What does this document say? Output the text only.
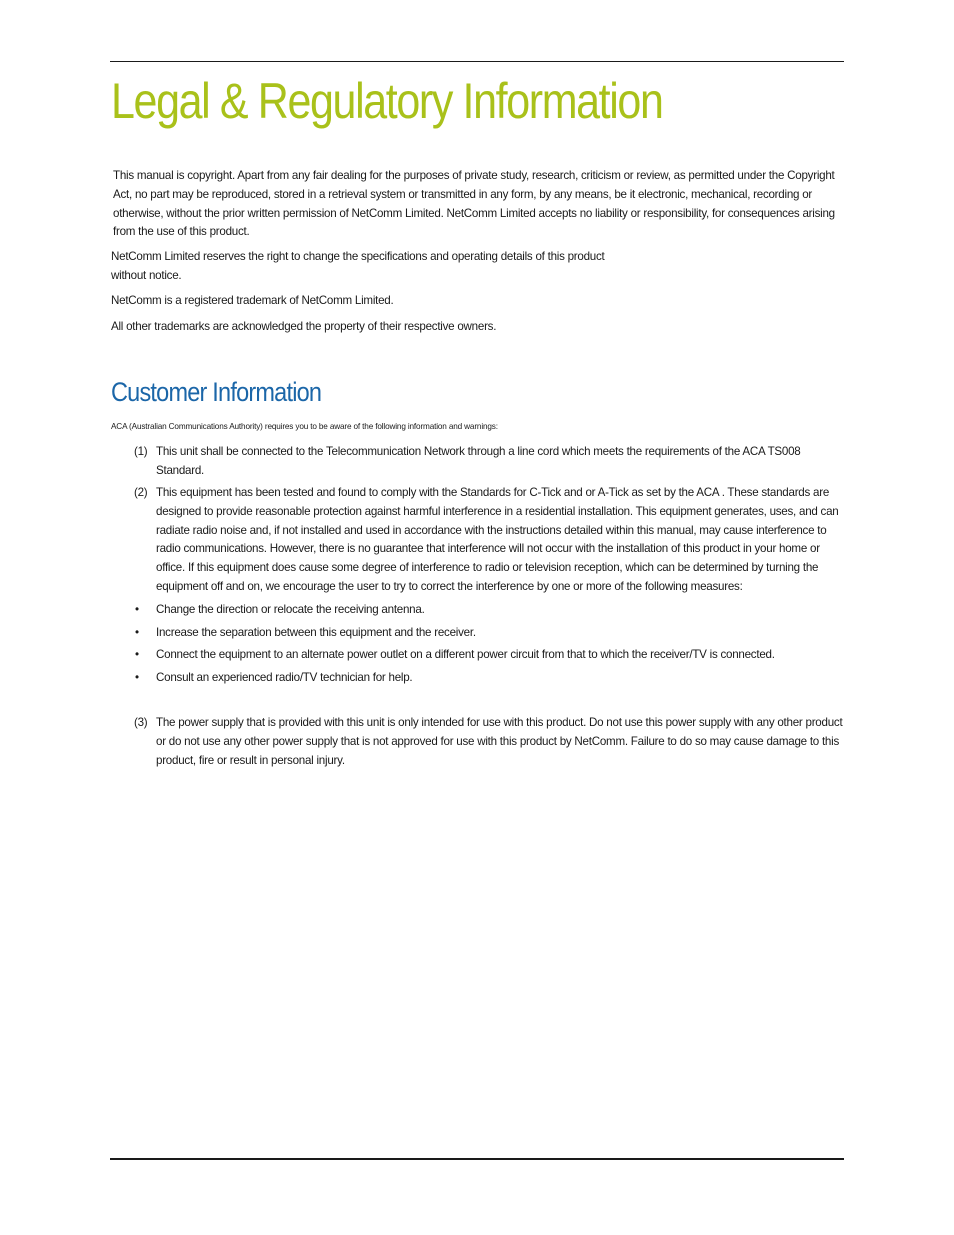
Legal & Regulatory Information

This manual is copyright. Apart from any fair dealing for the purposes of private study, research, criticism or review, as permitted under the Copyright Act, no part may be reproduced, stored in a retrieval system or transmitted in any form, by any means, be it electronic, mechanical, recording or otherwise, without the prior written permission of NetComm Limited. NetComm Limited accepts no liability or responsibility, for consequences arising from the use of this product.

NetComm Limited reserves the right to change the specifications and operating details of this product
without notice.

NetComm is a registered trademark of NetComm Limited.

All other trademarks are acknowledged the property of their respective owners.

Customer Information

ACA (Australian Communications Authority) requires you to be aware of the following information and warnings:

(1) This unit shall be connected to the Telecommunication Network through a line cord which meets the requirements of the ACA TS008 Standard.

(2) This equipment has been tested and found to comply with the Standards for C-Tick and or A-Tick as set by the ACA . These standards are designed to provide reasonable protection against harmful interference in a residential installation. This equipment generates, uses, and can radiate radio noise and, if not installed and used in accordance with the instructions detailed within this manual, may cause interference to radio communications. However, there is no guarantee that interference will not occur with the installation of this product in your home or office. If this equipment does cause some degree of interference to radio or television reception, which can be determined by turning the equipment off and on, we encourage the user to try to correct the interference by one or more of the following measures:

• Change the direction or relocate the receiving antenna.

• Increase the separation between this equipment and the receiver.

• Connect the equipment to an alternate power outlet on a different power circuit from that to which the receiver/TV is connected.

• Consult an experienced radio/TV technician for help.

(3) The power supply that is provided with this unit is only intended for use with this product. Do not use this power supply with any other product or do not use any other power supply that is not approved for use with this product by NetComm. Failure to do so may cause damage to this product, fire or result in personal injury.
